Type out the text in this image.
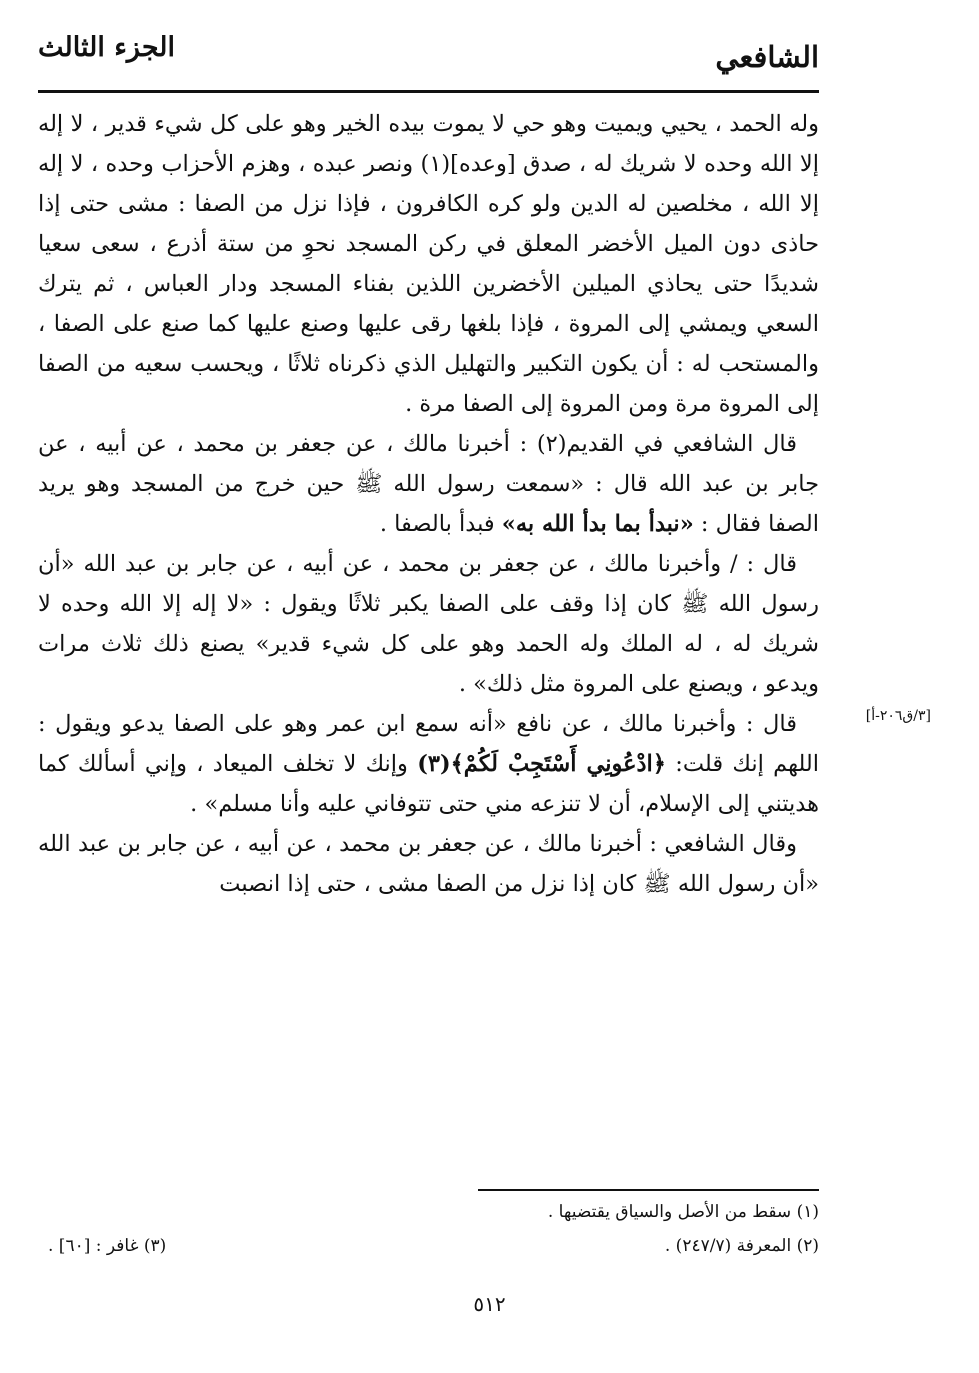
الشافعي
الجزء الثالث

وله الحمد ، يحيي ويميت وهو حي لا يموت بيده الخير وهو على كل شيء قدير ، لا إله إلا الله وحده لا شريك له ، صدق [وعده](١) ونصر عبده ، وهزم الأحزاب وحده ، لا إله إلا الله ، مخلصين له الدين ولو كره الكافرون ، فإذا نزل من الصفا : مشى حتى إذا حاذى دون الميل الأخضر المعلق في ركن المسجد نحوِ من ستة أذرع ، سعى سعيا شديدًا حتى يحاذي الميلين الأخضرين اللذين بفناء المسجد ودار العباس ، ثم يترك السعي ويمشي إلى المروة ، فإذا بلغها رقى عليها وصنع عليها كما صنع على الصفا ، والمستحب له : أن يكون التكبير والتهليل الذي ذكرناه ثلاثًا ، ويحسب سعيه من الصفا إلى المروة مرة ومن المروة إلى الصفا مرة .

قال الشافعي في القديم(٢) : أخبرنا مالك ، عن جعفر بن محمد ، عن أبيه ، عن جابر بن عبد الله قال : «سمعت رسول الله ﷺ حين خرج من المسجد وهو يريد الصفا فقال : «نبدأ بما بدأ الله به» فبدأ بالصفا .

قال : / وأخبرنا مالك ، عن جعفر بن محمد ، عن أبيه ، عن جابر بن عبد الله «أن رسول الله ﷺ كان إذا وقف على الصفا يكبر ثلاثًا ويقول : «لا إله إلا الله وحده لا شريك له ، له الملك وله الحمد وهو على كل شيء قدير» يصنع ذلك ثلاث مرات ويدعو ، ويصنع على المروة مثل ذلك» .

قال : وأخبرنا مالك ، عن نافع «أنه سمع ابن عمر وهو على الصفا يدعو ويقول : اللهم إنك قلت: ﴿ادْعُونِي أَسْتَجِبْ لَكُمْ﴾(٣) وإنك لا تخلف الميعاد ، وإني أسألك كما هديتني إلى الإسلام، أن لا تنزعه مني حتى تتوفاني عليه وأنا مسلم» .

وقال الشافعي : أخبرنا مالك ، عن جعفر بن محمد ، عن أبيه ، عن جابر بن عبد الله «أن رسول الله ﷺ كان إذا نزل من الصفا مشى ، حتى إذا انصبت

[٣/ق٢٠٦-أ]
(١) سقط من الأصل والسياق يقتضيها .
(٢) المعرفة (٢٤٧/٧) .
(٣) غافر : [٦٠] .
٥١٢
